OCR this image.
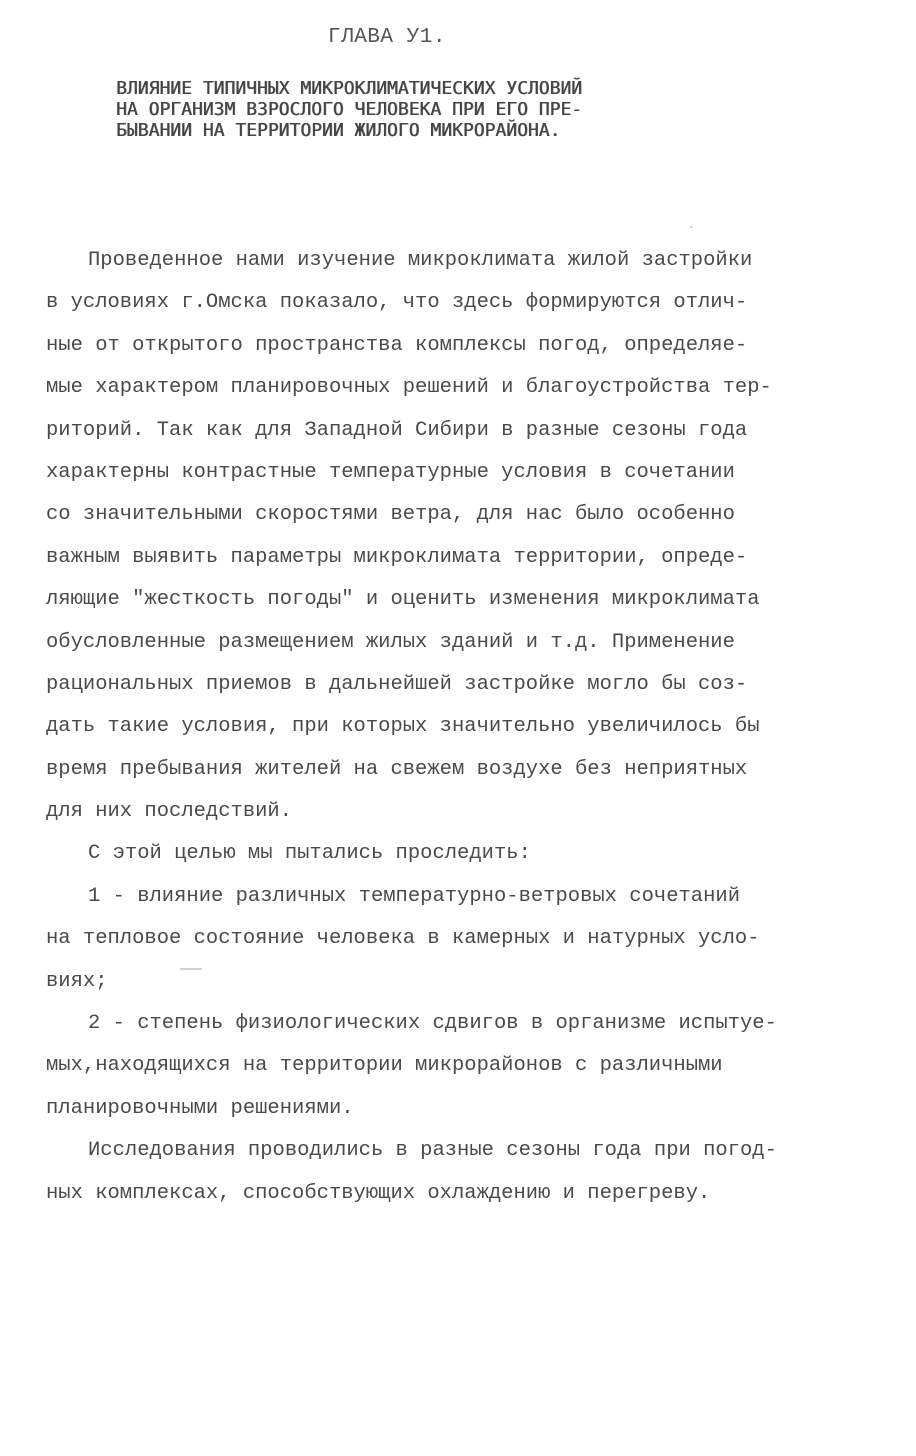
ГЛАВА У1.
ВЛИЯНИЕ ТИПИЧНЫХ МИКРОКЛИМАТИЧЕСКИХ УСЛОВИЙ
НА ОРГАНИЗМ ВЗРОСЛОГО ЧЕЛОВЕКА ПРИ ЕГО ПРЕ-
БЫВАНИИ НА ТЕРРИТОРИИ ЖИЛОГО МИКРОРАЙОНА.
Проведенное нами изучение микроклимата жилой застройки
в условиях г.Омска показало, что здесь формируются отлич-
ные от открытого пространства комплексы погод, определяе-
мые характером планировочных решений и благоустройства тер-
риторий. Так как для Западной Сибири в разные сезоны года
характерны контрастные температурные условия в сочетании
со значительными скоростями ветра, для нас было особенно
важным выявить параметры микроклимата территории, опреде-
ляющие "жесткость погоды" и оценить изменения микроклимата
обусловленные размещением жилых зданий и т.д. Применение
рациональных приемов в дальнейшей застройке могло бы соз-
дать такие условия, при которых значительно увеличилось бы
время пребывания жителей на свежем воздухе без неприятных
для них последствий.
С этой целью мы пытались проследить:
1 - влияние различных температурно-ветровых сочетаний
на тепловое состояние человека в камерных и натурных усло-
виях;
2 - степень физиологических сдвигов в организме испытуе-
мых,находящихся на территории микрорайонов с различными
планировочными решениями.
Исследования проводились в разные сезоны года при погод-
ных комплексах, способствующих охлаждению и перегреву.
